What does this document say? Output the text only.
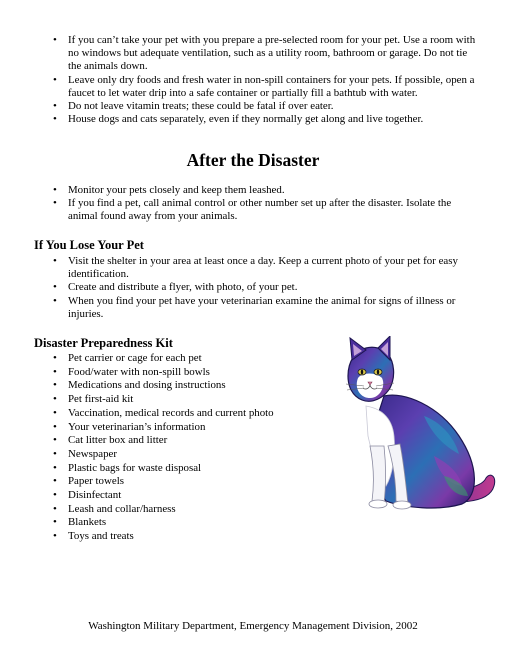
• If you can’t take your pet with you prepare a pre-selected room for your pet. Use a room with no windows but adequate ventilation, such as a utility room, bathroom or garage. Do not tie the animals down.
• Leave only dry foods and fresh water in non-spill containers for your pets. If possible, open a faucet to let water drip into a safe container or partially fill a bathtub with water.
• Do not leave vitamin treats; these could be fatal if over eater.
• House dogs and cats separately, even if they normally get along and live together.
After the Disaster
• Monitor your pets closely and keep them leashed.
• If you find a pet, call animal control or other number set up after the disaster. Isolate the animal found away from your animals.
If You Lose Your Pet
• Visit the shelter in your area at least once a day. Keep a current photo of your pet for easy identification.
• Create and distribute a flyer, with photo, of your pet.
• When you find your pet have your veterinarian examine the animal for signs of illness or injuries.
Disaster Preparedness Kit
• Pet carrier or cage for each pet
• Food/water with non-spill bowls
• Medications and dosing instructions
• Pet first-aid kit
• Vaccination, medical records and current photo
• Your veterinarian’s information
• Cat litter box and litter
• Newspaper
• Plastic bags for waste disposal
• Paper towels
• Disinfectant
• Leash and collar/harness
• Blankets
• Toys and treats

Washington Military Department, Emergency Management Division, 2002
